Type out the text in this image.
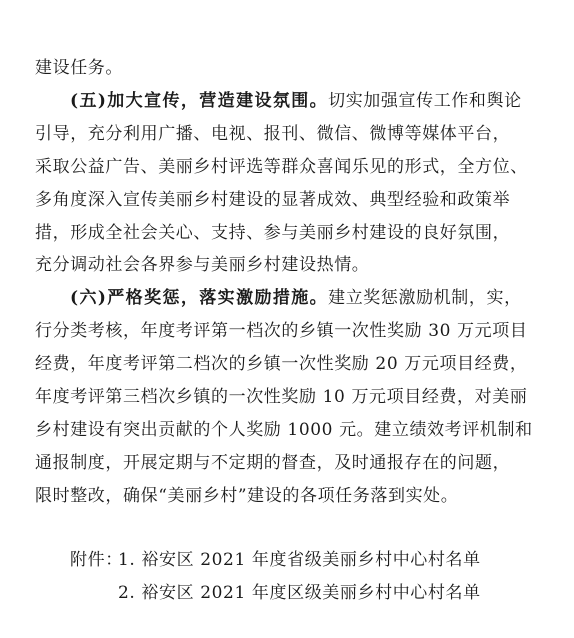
建设任务。
(五)加大宣传，营造建设氛围。切实加强宣传工作和舆论
引导，充分利用广播、电视、报刊、微信、微博等媒体平台，
采取公益广告、美丽乡村评选等群众喜闻乐见的形式，全方位、
多角度深入宣传美丽乡村建设的显著成效、典型经验和政策举
措，形成全社会关心、支持、参与美丽乡村建设的良好氛围，
充分调动社会各界参与美丽乡村建设热情。
(六)严格奖惩，落实激励措施。建立奖惩激励机制，实，
行分类考核，年度考评第一档次的乡镇一次性奖励 30 万元项目
经费，年度考评第二档次的乡镇一次性奖励 20 万元项目经费，
年度考评第三档次乡镇的一次性奖励 10 万元项目经费，对美丽
乡村建设有突出贡献的个人奖励 1000 元。建立绩效考评机制和
通报制度，开展定期与不定期的督查，及时通报存在的问题，
限时整改，确保“美丽乡村”建设的各项任务落到实处。
附件：
1. 裕安区 2021 年度省级美丽乡村中心村名单
2. 裕安区 2021 年度区级美丽乡村中心村名单
